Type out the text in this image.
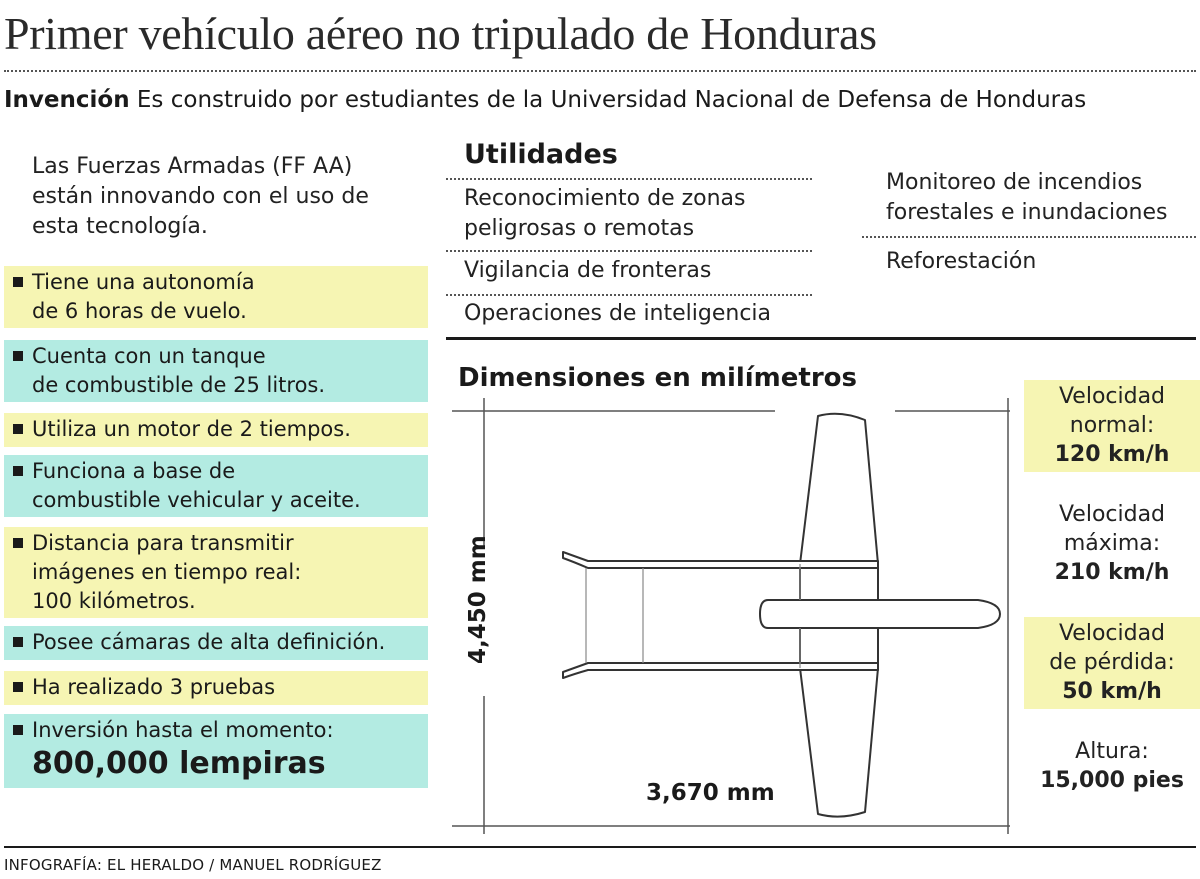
Primer vehículo aéreo no tripulado de Honduras
Invención Es construido por estudiantes de la Universidad Nacional de Defensa de Honduras
Las Fuerzas Armadas (FF AA) están innovando con el uso de esta tecnología.
Tiene una autonomía
de 6 horas de vuelo.
Cuenta con un tanque
de combustible de 25 litros.
Utiliza un motor de 2 tiempos.
Funciona a base de
combustible vehicular y aceite.
Distancia para transmitir
imágenes en tiempo real:
100 kilómetros.
Posee cámaras de alta definición.
Ha realizado 3 pruebas
Inversión hasta el momento:
800,000 lempiras
Utilidades
Reconocimiento de zonas
peligrosas o remotas
Vigilancia de fronteras
Operaciones de inteligencia
Monitoreo de incendios
forestales e inundaciones
Reforestación
Dimensiones en milímetros
3,670 mm
4,450 mm
Velocidad
normal:
120 km/h
Velocidad
máxima:
210 km/h
Velocidad
de pérdida:
50 km/h
Altura:
15,000 pies
INFOGRAFÍA: EL HERALDO / MANUEL RODRÍGUEZ
